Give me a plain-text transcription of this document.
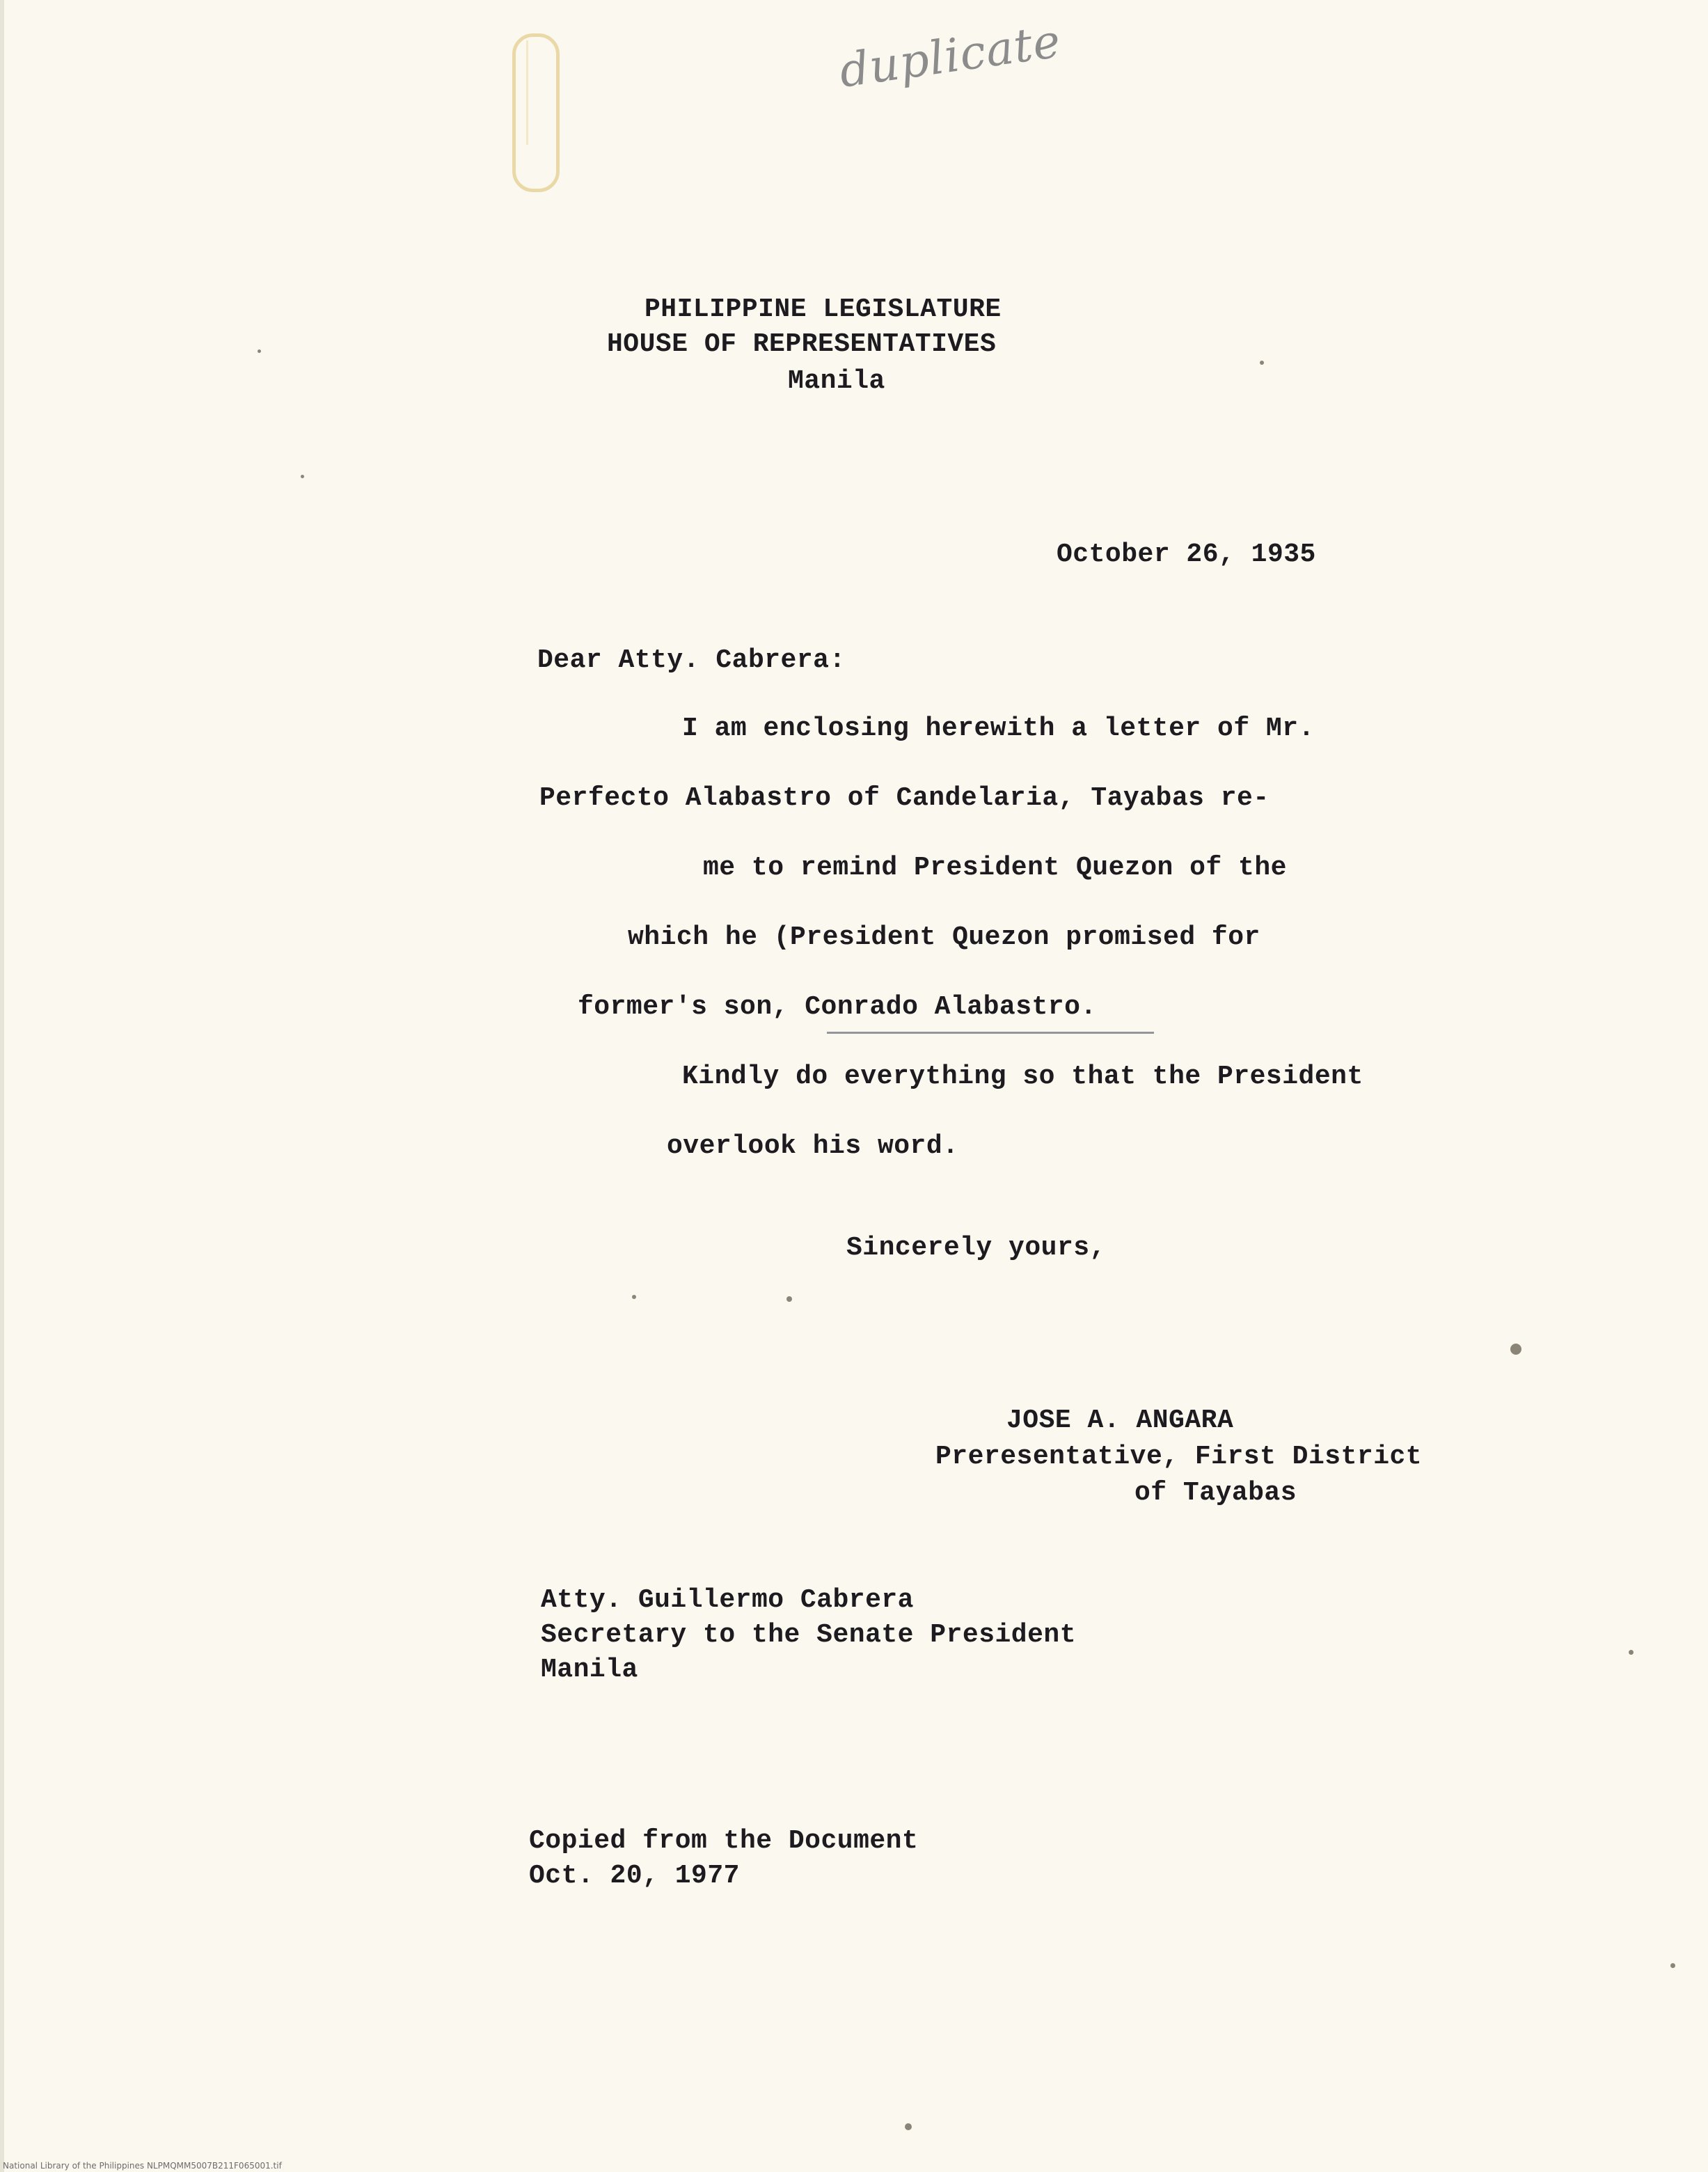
duplicate
PHILIPPINE LEGISLATURE
HOUSE OF REPRESENTATIVES
Manila
October 26, 1935
Dear Atty. Cabrera:
I am enclosing herewith a letter of Mr.
Perfecto Alabastro of Candelaria, Tayabas re-
me to remind President Quezon of the
which he (President Quezon promised for
former's son, Conrado Alabastro.
Kindly do everything so that the President
overlook his word.
Sincerely yours,
JOSE A. ANGARA
Preresentative, First District
of Tayabas
Atty. Guillermo Cabrera
Secretary to the Senate President
Manila
Copied from the Document
Oct. 20, 1977
National Library of the Philippines NLPMQMM5007B211F065001.tif
